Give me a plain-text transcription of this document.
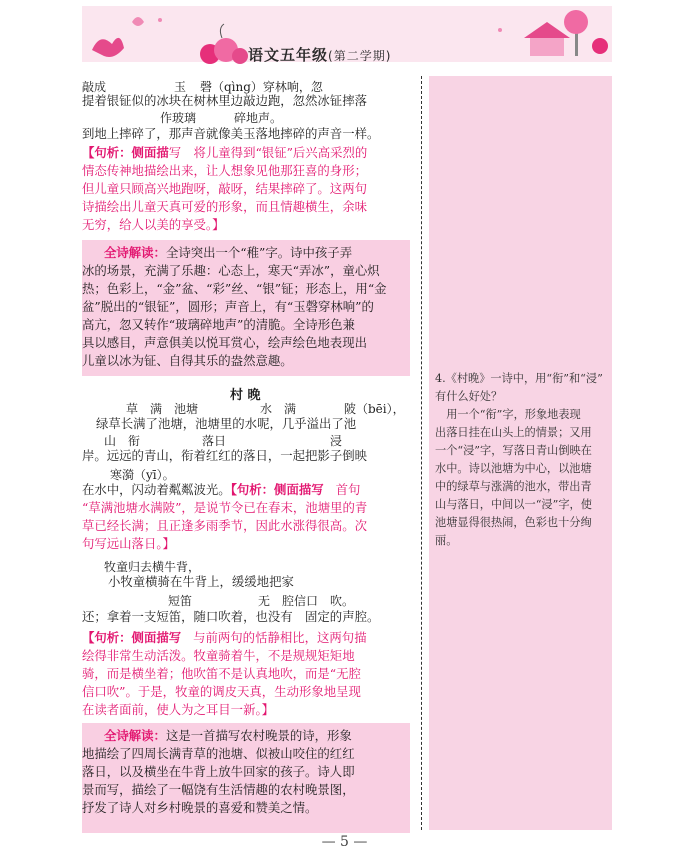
语文五年级(第二学期)
敲成	玉 磬（qìng）穿林响，忽
提着银钲似的冰块在树林里边敲边跑，忽然冰钲摔落
作玻璃	碎地声。
到地上摔碎了，那声音就像美玉落地摔碎的声音一样。
【句析：侧面描写　将儿童得到“银钲”后兴高采烈的
情态传神地描绘出来，让人想象见他那狂喜的身形；
但儿童只顾高兴地跑呀，敲呀，结果摔碎了。这两句
诗描绘出儿童天真可爱的形象，而且情趣横生，余味
无穷，给人以美的享受。】
全诗解读：全诗突出一个“稚”字。诗中孩子弄
冰的场景，充满了乐趣：心态上，寒天“弄冰”，童心炽
热；色彩上，“金”盆、“彩”丝、“银”钲；形态上，用“金
盆”脱出的“银钲”，圆形；声音上，有“玉磬穿林响”的
高亢，忽又转作“玻璃碎地声”的清脆。全诗形色兼
具以感目，声意俱美以悦耳赏心，绘声绘色地表现出
儿童以冰为钲、自得其乐的盎然意趣。
村 晚
草　满　池塘	水　满	陂（bēi），
绿草长满了池塘，池塘里的水呢，几乎溢出了池
山　衔	落日	浸
岸。远远的青山，衔着红红的落日，一起把影子倒映
寒漪（yī）。
在水中，闪动着粼粼波光。【句析：侧面描写 首句
“草满池塘水满陂”，是说节令已在春末，池塘里的青
草已经长满；且正逢多雨季节，因此水涨得很高。次
句写远山落日。】
牧童归去横牛背，
小牧童横骑在牛背上，缓缓地把家
短笛	无　腔信口　吹。
还；拿着一支短笛，随口吹着，也没有　固定的声腔。
【句析：侧面描写 与前两句的恬静相比，这两句描
绘得非常生动活泼。牧童骑着牛，不是规规矩矩地
骑，而是横坐着；他吹笛不是认真地吹，而是“无腔
信口吹”。于是，牧童的调皮天真，生动形象地呈现
在读者面前，使人为之耳目一新。】
全诗解读：这是一首描写农村晚景的诗，形象
地描绘了四周长满青草的池塘、似被山咬住的红红
落日，以及横坐在牛背上放牛回家的孩子。诗人即
景而写，描绘了一幅饶有生活情趣的农村晚景图，
抒发了诗人对乡村晚景的喜爱和赞美之情。
4.《村晚》一诗中，用“衔”和“浸”
有什么好处？
　用一个“衔”字，形象地表现
出落日挂在山头上的情景；又用
一个“浸”字，写落日青山倒映在
水中。诗以池塘为中心，以池塘
中的绿草与涨满的池水，带出青
山与落日，中间以一“浸”字，使
池塘显得很热闹，色彩也十分绚
丽。
— 5 —
